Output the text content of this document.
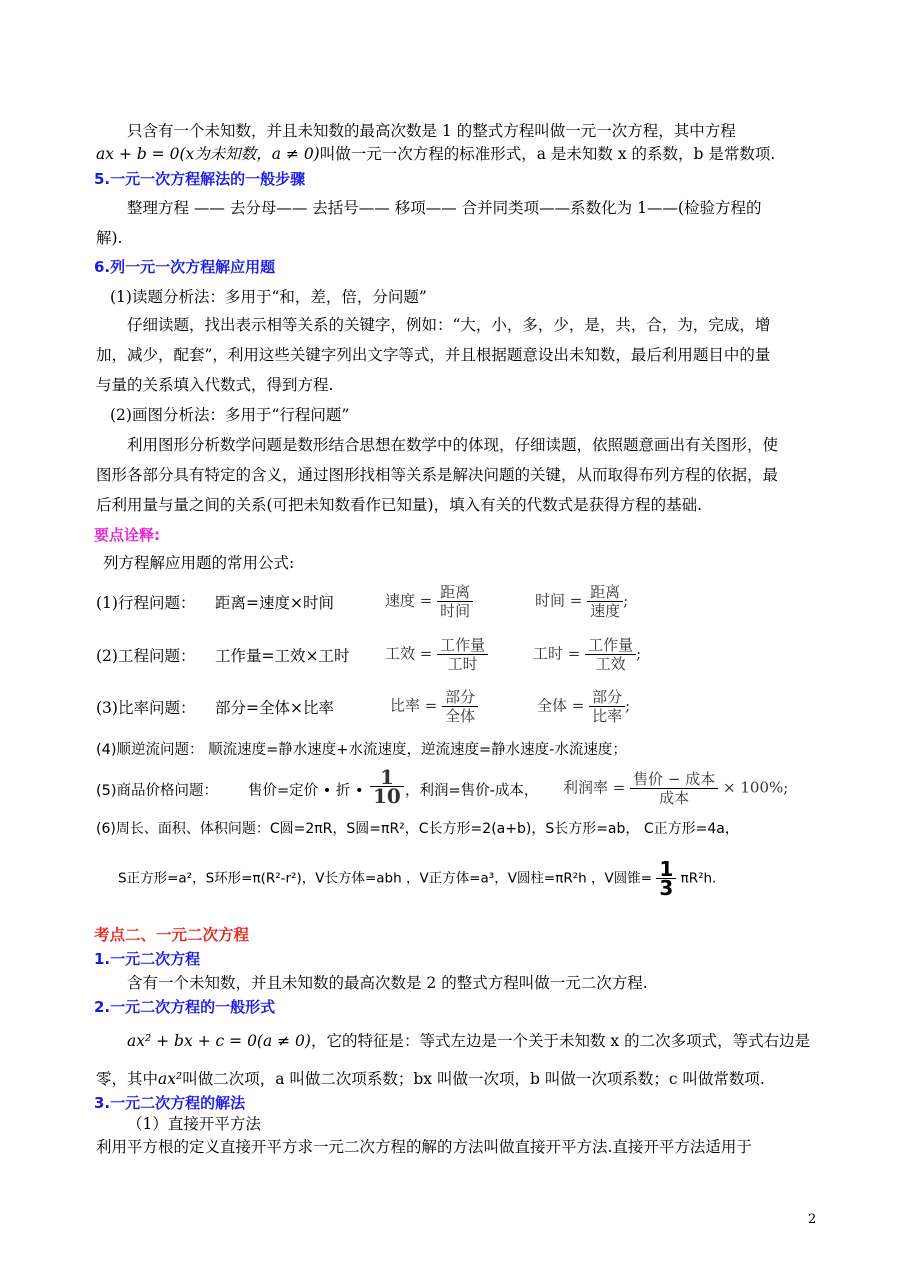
只含有一个未知数，并且未知数的最高次数是 1 的整式方程叫做一元一次方程，其中方程
ax + b = 0(x为未知数，a ≠ 0)叫做一元一次方程的标准形式，a 是未知数 x 的系数，b 是常数项.
5.一元一次方程解法的一般步骤
整理方程 —— 去分母—— 去括号—— 移项—— 合并同类项——系数化为 1——(检验方程的
解).
6.列一元一次方程解应用题
(1)读题分析法：多用于“和，差，倍，分问题”
仔细读题，找出表示相等关系的关键字，例如：“大，小，多，少，是，共，合，为，完成，增
加，减少，配套”，利用这些关键字列出文字等式，并且根据题意设出未知数，最后利用题目中的量
与量的关系填入代数式，得到方程.
(2)画图分析法：多用于“行程问题”
利用图形分析数学问题是数形结合思想在数学中的体现，仔细读题，依照题意画出有关图形，使
图形各部分具有特定的含义，通过图形找相等关系是解决问题的关键，从而取得布列方程的依据，最
后利用量与量之间的关系(可把未知数看作已知量)，填入有关的代数式是获得方程的基础.
要点诠释:
列方程解应用题的常用公式:
(1)行程问题： 距离=速度×时间	速度 = $\frac{\text{距离}}{\text{时间}}$	时间 = $\frac{\text{距离}}{\text{速度}}$ ;
(2)工程问题： 工作量=工效×工时 工效 = $\frac{\text{工作量}}{\text{工时}}$	工时 = $\frac{\text{工作量}}{\text{工效}}$ ;
(3)比率问题： 部分=全体×比率	比率 = $\frac{\text{部分}}{\text{全体}}$	全体 = $\frac{\text{部分}}{\text{比率}}$ ;
(4)顺逆流问题： 顺流速度=静水速度+水流速度，逆流速度=静水速度-水流速度；
(5)商品价格问题： 售价=定价 • 折 • $\frac{1}{10}$ ，利润=售价-成本， 利润率 = $\frac{\text{售价 − 成本}}{\text{成本}} \times 100\%$;
(6)周长、面积、体积问题：C圆=2πR，S圆=πR²，C长方形=2(a+b)，S长方形=ab， C正方形=4a，
S正方形=a²，S环形=π(R²-r²)，V长方体=abh ，V正方体=a³，V圆柱=πR²h ，V圆锥= $\frac{1}{3} \pi R^2h$.
考点二、一元二次方程
1.一元二次方程
含有一个未知数，并且未知数的最高次数是 2 的整式方程叫做一元二次方程.
2.一元二次方程的一般形式
ax² + bx + c = 0(a ≠ 0)，它的特征是：等式左边是一个关于未知数 x 的二次多项式，等式右边是
零，其中ax²叫做二次项，a 叫做二次项系数；bx 叫做一次项，b 叫做一次项系数；c 叫做常数项.
3.一元二次方程的解法
（1）直接开平方法
利用平方根的定义直接开平方求一元二次方程的解的方法叫做直接开平方法.直接开平方法适用于
2
